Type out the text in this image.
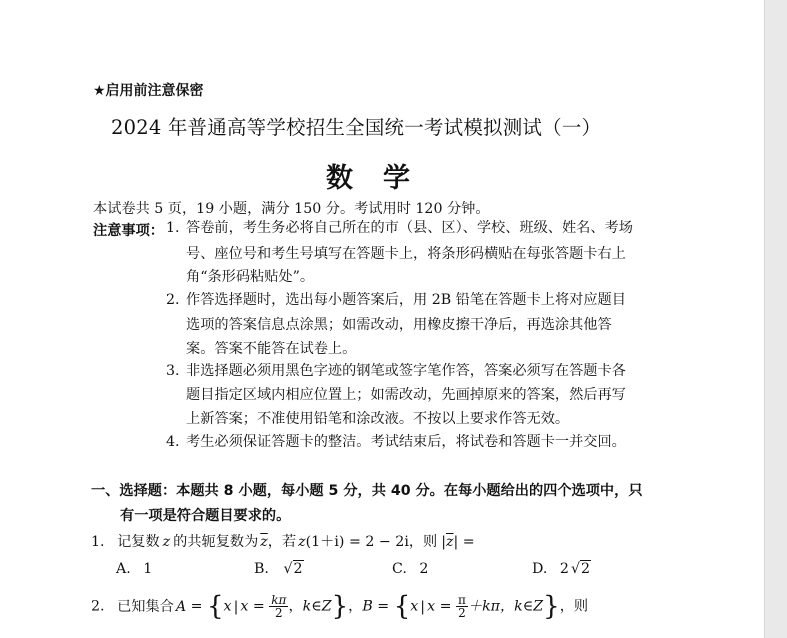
★启用前注意保密
2024 年普通高等学校招生全国统一考试模拟测试（一）
数学
本试卷共 5 页，19 小题，满分 150 分。考试用时 120 分钟。
注意事项： 1. 答卷前，考生务必将自己所在的市（县、区）、学校、班级、姓名、考场
号、座位号和考生号填写在答题卡上，将条形码横贴在每张答题卡右上
角“条形码粘贴处”。
2. 作答选择题时，选出每小题答案后，用 2B 铅笔在答题卡上将对应题目
选项的答案信息点涂黑；如需改动，用橡皮擦干净后，再选涂其他答
案。答案不能答在试卷上。
3. 非选择题必须用黑色字迹的钢笔或签字笔作答，答案必须写在答题卡各
题目指定区域内相应位置上；如需改动，先画掉原来的答案，然后再写
上新答案；不准使用铅笔和涂改液。不按以上要求作答无效。
4. 考生必须保证答题卡的整洁。考试结束后，将试卷和答题卡一并交回。
一、选择题：本题共 8 小题，每小题 5 分，共 40 分。在每小题给出的四个选项中，只
有一项是符合题目要求的。
1. 记复数 z 的共轭复数为 $\overline{z}$，若 z(1＋i) = 2 − 2i，则 $|\overline{z}|$ =
A. 1	B. √2	C. 2	D. 2 √2
2. 已知集合 A = {x | $x = \frac{k\pi}{2}$ ，k∈Z}，B = {x | $x = \frac{\pi}{2} +k\pi$，k∈Z}，则
